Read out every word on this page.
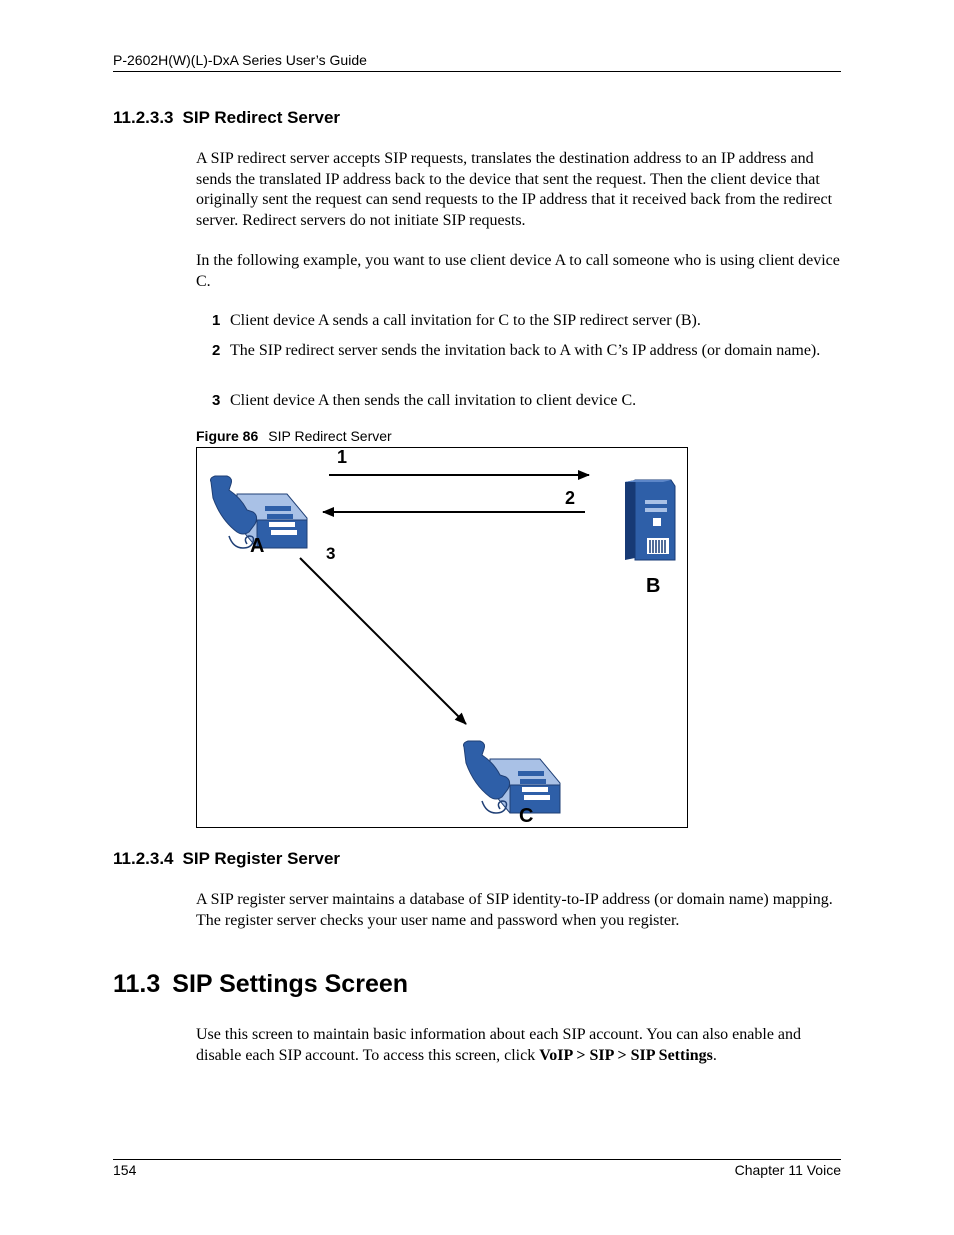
P-2602H(W)(L)-DxA Series User’s Guide
11.2.3.3 SIP Redirect Server
A SIP redirect server accepts SIP requests, translates the destination address to an IP address and sends the translated IP address back to the device that sent the request. Then the client device that originally sent the request can send requests to the IP address that it received back from the redirect server. Redirect servers do not initiate SIP requests.
In the following example, you want to use client device A to call someone who is using client device C.
1 Client device A sends a call invitation for C to the SIP redirect server (B).
2 The SIP redirect server sends the invitation back to A with C’s IP address (or domain name).
3 Client device A then sends the call invitation to client device C.
Figure 86 SIP Redirect Server
1
2
3
A
B
C
11.2.3.4 SIP Register Server
A SIP register server maintains a database of SIP identity-to-IP address (or domain name) mapping. The register server checks your user name and password when you register.
11.3 SIP Settings Screen
Use this screen to maintain basic information about each SIP account. You can also enable and disable each SIP account. To access this screen, click VoIP > SIP > SIP Settings.
154	Chapter 11 Voice
